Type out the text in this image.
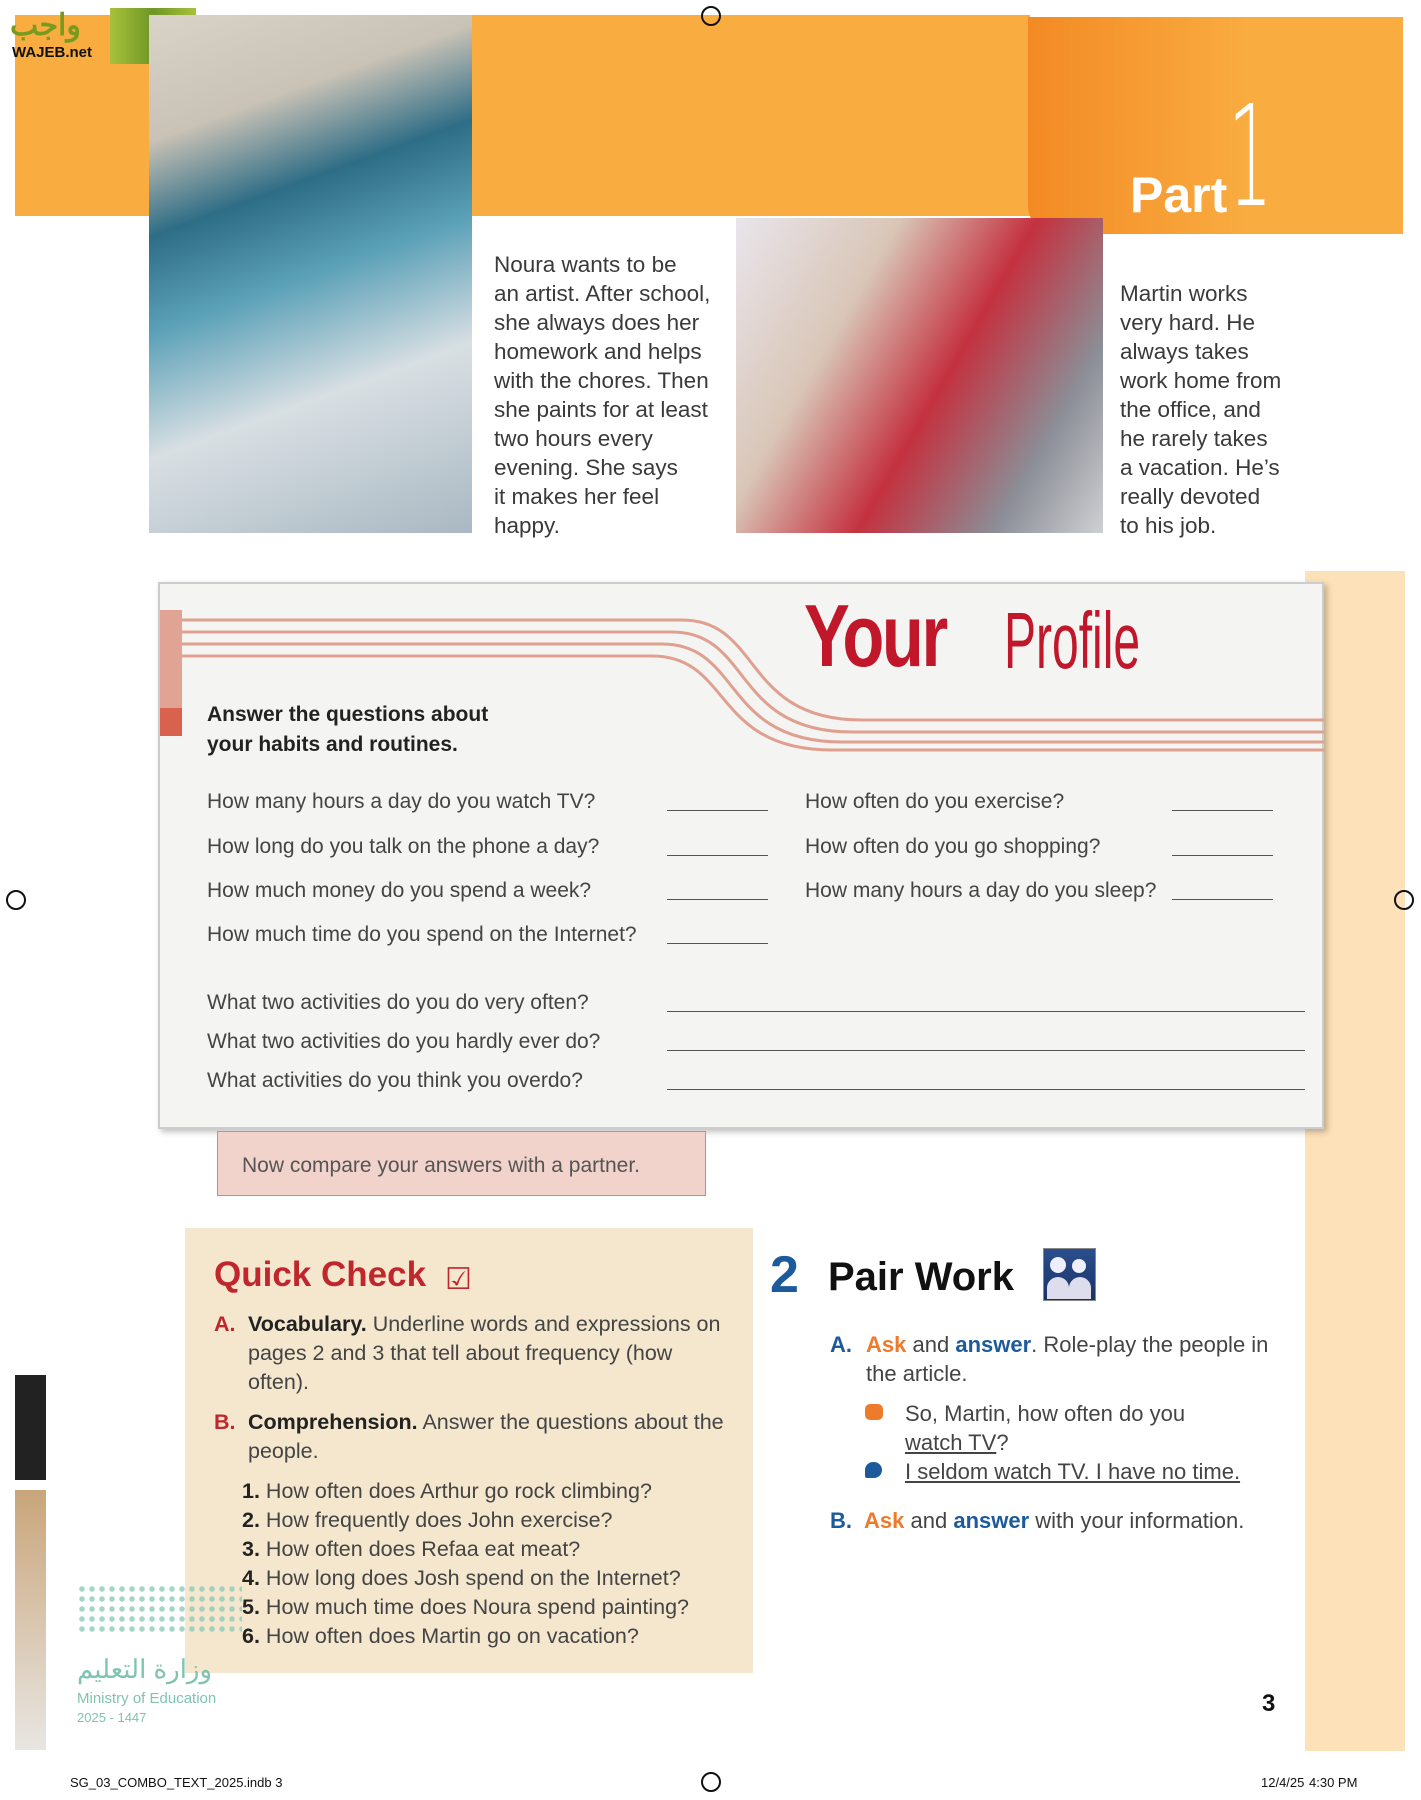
Part 1
واجب
WAJEB.net
Noura wants to be
an artist. After school,
she always does her
homework and helps
with the chores. Then
she paints for at least
two hours every
evening. She says
it makes her feel
happy.
Martin works
very hard. He
always takes
work home from
the office, and
he rarely takes
a vacation. He’s
really devoted
to his job.
Your Profile
Answer the questions about
your habits and routines.
How many hours a day do you watch TV?
How long do you talk on the phone a day?
How much money do you spend a week?
How much time do you spend on the Internet?
How often do you exercise?
How often do you go shopping?
How many hours a day do you sleep?
What two activities do you do very often?
What two activities do you hardly ever do?
What activities do you think you overdo?
Now compare your answers with a partner.
Quick Check ☑
A. Vocabulary. Underline words and expressions on pages 2 and 3 that tell about frequency (how often).
B. Comprehension. Answer the questions about the people.
1. How often does Arthur go rock climbing?
2. How frequently does John exercise?
3. How often does Refaa eat meat?
4. How long does Josh spend on the Internet?
5. How much time does Noura spend painting?
6. How often does Martin go on vacation?
2 Pair Work
A. Ask and answer. Role-play the people in the article.
So, Martin, how often do you
watch TV?
I seldom watch TV. I have no time.
B. Ask and answer with your information.
وزارة التعليم
Ministry of Education
2025 - 1447
3
SG_03_COMBO_TEXT_2025.indb 3	12/4/25 4:30 PM
